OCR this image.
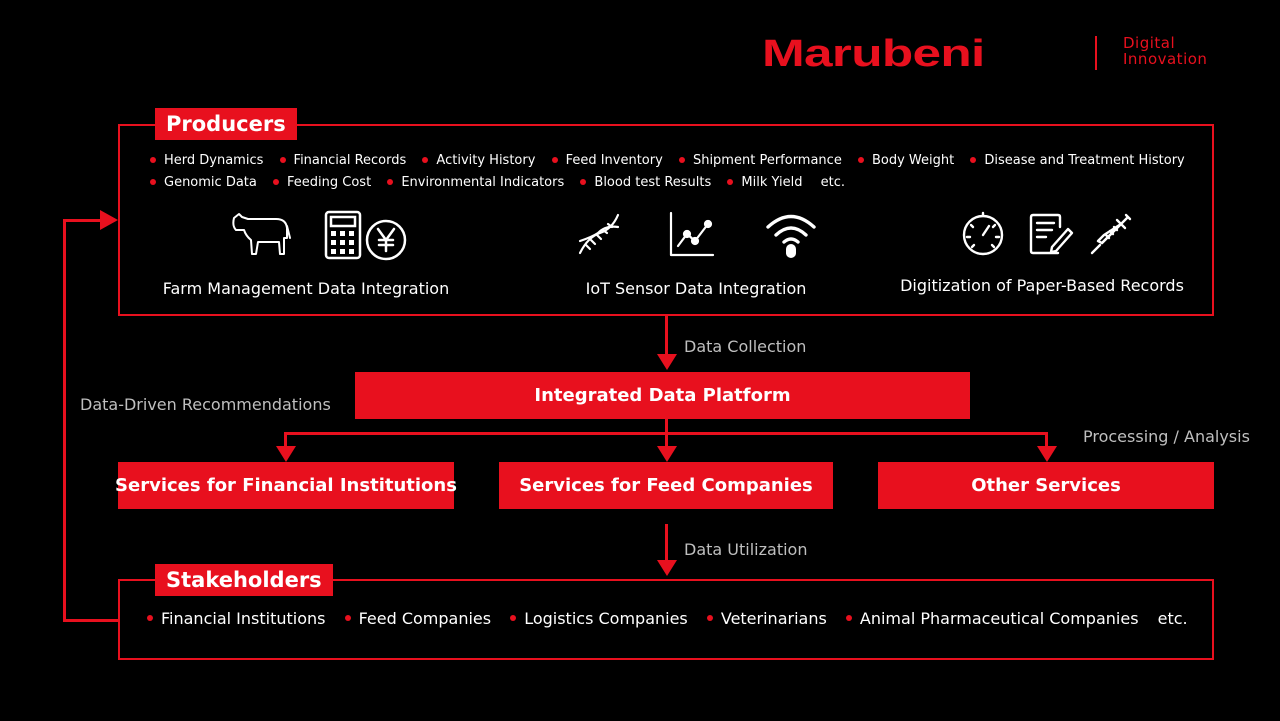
Marubeni	Digital
Innovation
Producers
Herd Dynamics Financial Records Activity History Feed Inventory Shipment Performance Body Weight Disease and Treatment History
Genomic Data Feeding Cost Environmental Indicators Blood test Results Milk Yield etc.
Farm Management Data Integration	IoT Sensor Data Integration	Digitization of Paper-Based Records
Data Collection
Integrated Data Platform
Data-Driven Recommendations
Processing / Analysis
Services for Financial Institutions	Services for Feed Companies	Other Services
Data Utilization
Stakeholders
Financial Institutions Feed Companies Logistics Companies Veterinarians Animal Pharmaceutical Companies etc.
